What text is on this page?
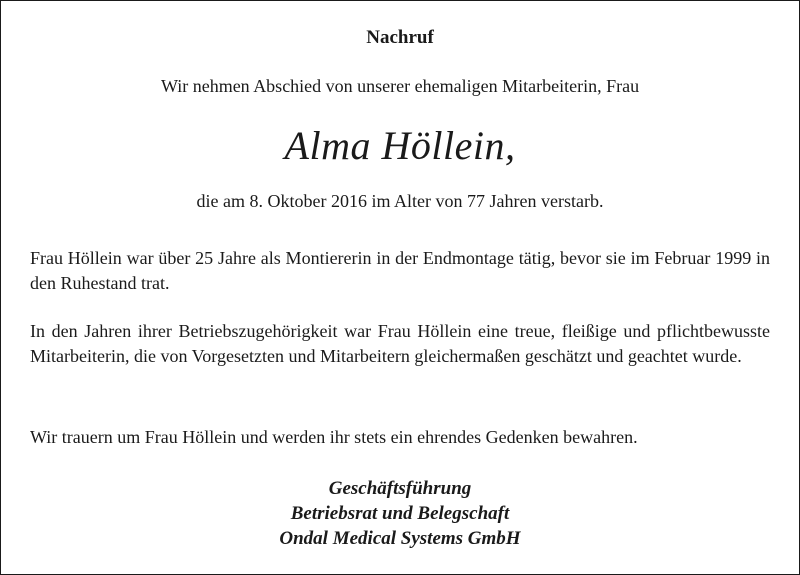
Nachruf
Wir nehmen Abschied von unserer ehemaligen Mitarbeiterin, Frau
Alma Höllein,
die am 8. Oktober 2016 im Alter von 77 Jahren verstarb.
Frau Höllein war über 25 Jahre als Montiererin in der Endmontage tätig, bevor sie im Februar 1999 in den Ruhestand trat.
In den Jahren ihrer Betriebszugehörigkeit war Frau Höllein eine treue, fleißige und pflichtbewusste Mitarbeiterin, die von Vorgesetzten und Mitarbeitern gleichermaßen geschätzt und geachtet wurde.
Wir trauern um Frau Höllein und werden ihr stets ein ehrendes Gedenken bewahren.
Geschäftsführung
Betriebsrat und Belegschaft
Ondal Medical Systems GmbH
